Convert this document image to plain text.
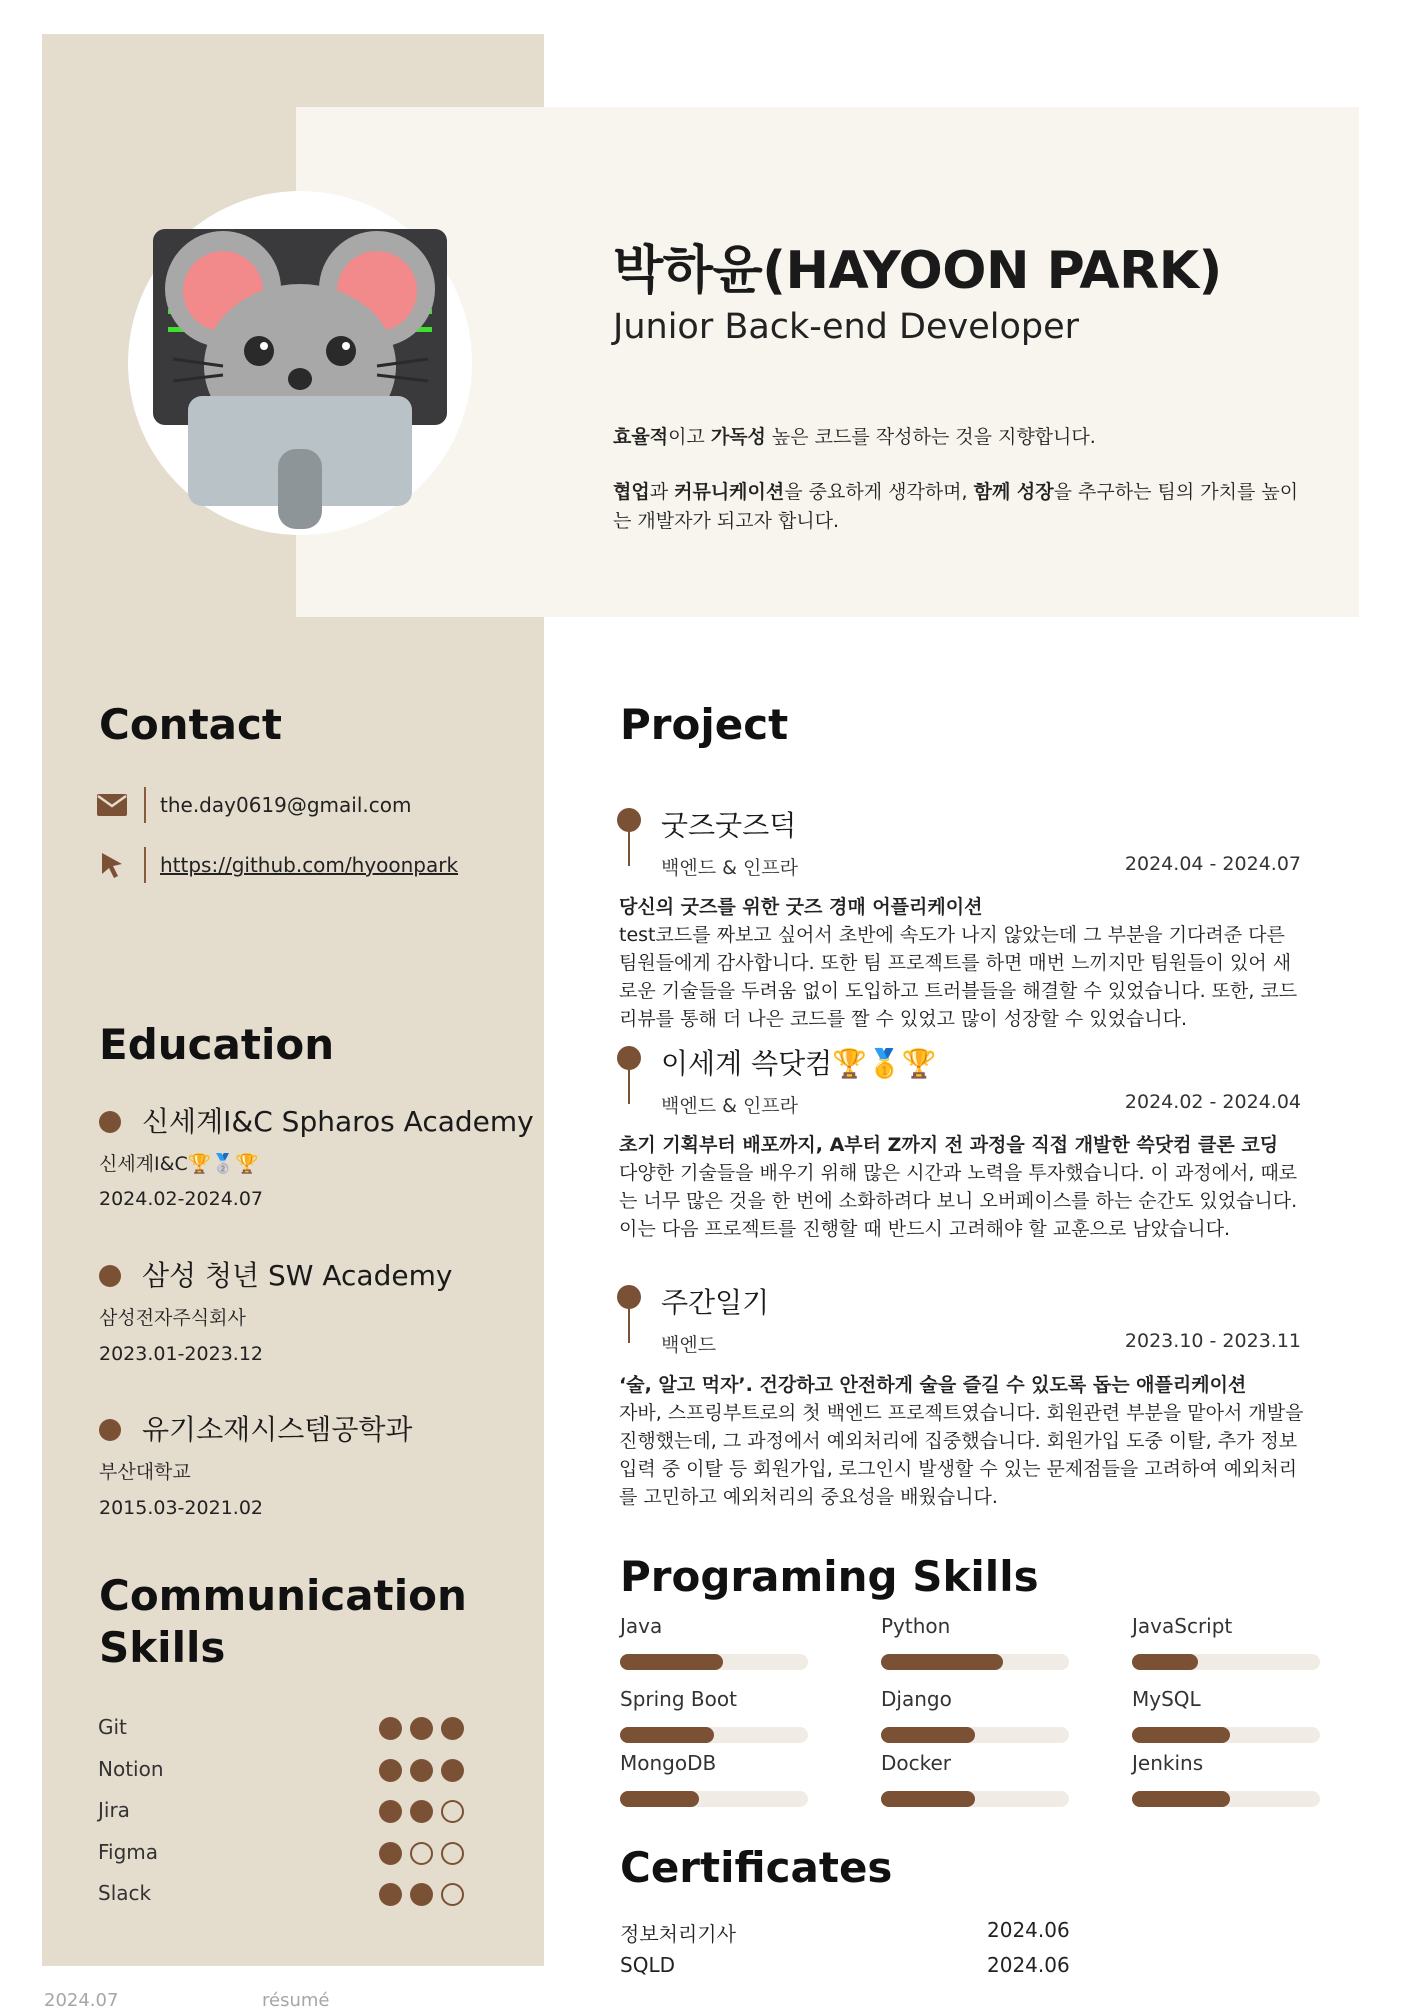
박하윤(HAYOON PARK)
Junior Back-end Developer
효율적이고 가독성 높은 코드를 작성하는 것을 지향합니다.
협업과 커뮤니케이션을 중요하게 생각하며, 함께 성장을 추구하는 팀의 가치를 높이는 개발자가 되고자 합니다.
Contact
the.day0619@gmail.com
https://github.com/hyoonpark
Education
신세계I&C Spharos Academy
신세계I&C🏆🥈🏆
2024.02-2024.07
삼성 청년 SW Academy
삼성전자주식회사
2023.01-2023.12
유기소재시스템공학과
부산대학교
2015.03-2021.02
Communication
Skills
Git
Notion
Jira
Figma
Slack
Project
굿즈굿즈덕
백엔드 & 인프라	2024.04 - 2024.07
당신의 굿즈를 위한 굿즈 경매 어플리케이션
test코드를 짜보고 싶어서 초반에 속도가 나지 않았는데 그 부분을 기다려준 다른 팀원들에게 감사합니다. 또한 팀 프로젝트를 하면 매번 느끼지만 팀원들이 있어 새로운 기술들을 두려움 없이 도입하고 트러블들을 해결할 수 있었습니다. 또한, 코드리뷰를 통해 더 나은 코드를 짤 수 있었고 많이 성장할 수 있었습니다.
이세계 쓱닷컴🏆🥇🏆
백엔드 & 인프라	2024.02 - 2024.04
초기 기획부터 배포까지, A부터 Z까지 전 과정을 직접 개발한 쓱닷컴 클론 코딩
다양한 기술들을 배우기 위해 많은 시간과 노력을 투자했습니다. 이 과정에서, 때로는 너무 많은 것을 한 번에 소화하려다 보니 오버페이스를 하는 순간도 있었습니다.
이는 다음 프로젝트를 진행할 때 반드시 고려해야 할 교훈으로 남았습니다.
주간일기
백엔드	2023.10 - 2023.11
‘술, 알고 먹자’. 건강하고 안전하게 술을 즐길 수 있도록 돕는 애플리케이션
자바, 스프링부트로의 첫 백엔드 프로젝트였습니다. 회원관련 부분을 맡아서 개발을 진행했는데, 그 과정에서 예외처리에 집중했습니다. 회원가입 도중 이탈, 추가 정보 입력 중 이탈 등 회원가입, 로그인시 발생할 수 있는 문제점들을 고려하여 예외처리를 고민하고 예외처리의 중요성을 배웠습니다.
Programing Skills
Java	Python	JavaScript
Spring Boot	Django	MySQL
MongoDB	Docker	Jenkins
Certificates
정보처리기사	2024.06
SQLD	2024.06
2024.07	résumé
